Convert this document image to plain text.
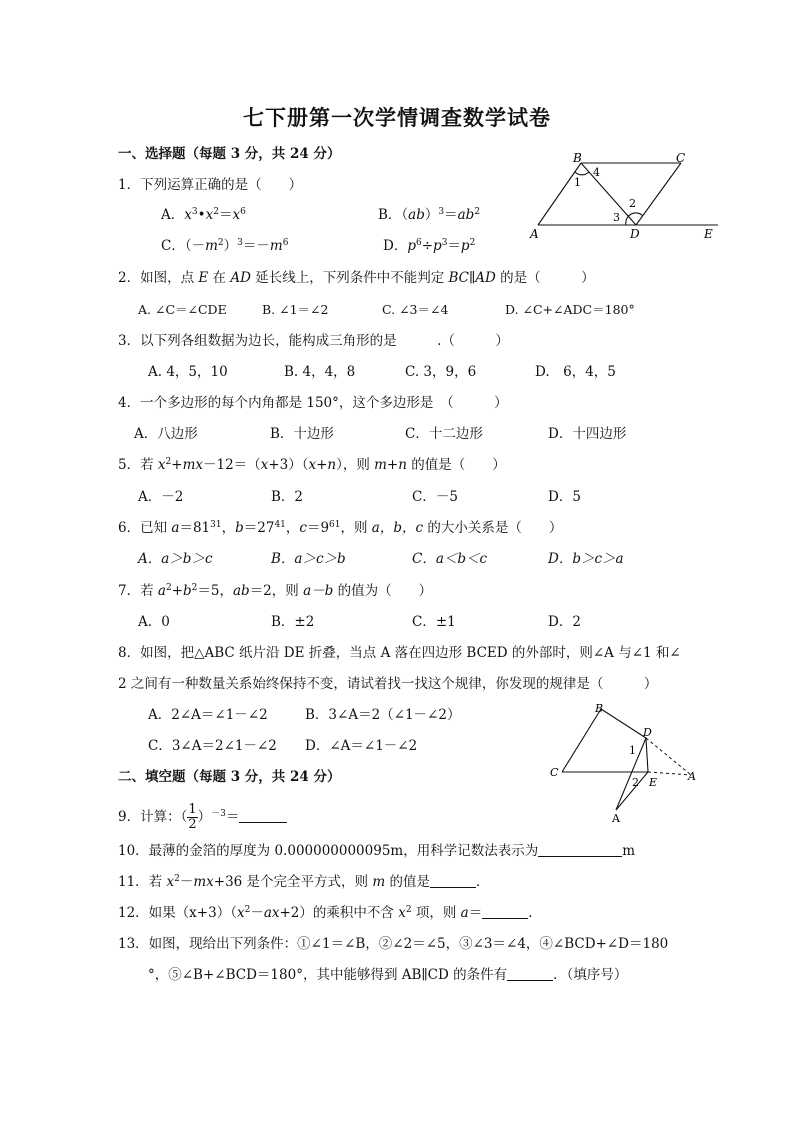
七下册第一次学情调查数学试卷
一、选择题（每题 3 分，共 24 分）
1．下列运算正确的是（　　）
A．$x^3•x^2=x^6$	B．$(ab)^3=ab^2$
C．$(-m^2)^3=-m^6$	D．$p^6\div p^3=p^2$
B	C
A	D	E
1
4
2
3
2．如图，点 E 在 AD 延长线上，下列条件中不能判定 BC∥AD 的是（　　　）
A. ∠C＝∠CDE	B. ∠1＝∠2	C. ∠3＝∠4	D. ∠C+∠ADC＝180°
3．以下列各组数据为边长，能构成三角形的是　　　.（　　　）
A. 4，5，10	B. 4，4，8	C. 3，9，6	D.　6，4，5
4．一个多边形的每个内角都是 150°，这个多边形是　（　　　）
A．八边形	B．十边形	C．十二边形	D．十四边形
5．若 $x^2+mx-12=(x+3)(x+n)$，则 m+n 的值是（　　）
A．－2	B．2	C．－5	D．5
6．已知 $a=81^{31}$，$b=27^{41}$，$c=9^{61}$，则 a，b，c 的大小关系是（　　）
A．a＞b＞c	B．a＞c＞b	C．a＜b＜c	D．b＞c＞a
7．若 $a^2+b^2=5$，ab＝2，则 a－b 的值为（　　）
A．0	B．±2	C．±1	D．2
8．如图，把△ABC 纸片沿 DE 折叠，当点 A 落在四边形 BCED 的外部时，则∠A 与∠1 和∠
2 之间有一种数量关系始终保持不变，请试着找一找这个规律，你发现的规律是（　　　）
A．2∠A＝∠1－∠2	B．3∠A＝2（∠1－∠2）
C．3∠A＝2∠1－∠2 D．∠A＝∠1－∠2
B
C
D
E	A
A
1
2
二、填空题（每题 3 分，共 24 分）
9．计算：（ $\frac{1}{2} )^{-3}=$
10．最薄的金箔的厚度为 0.000000000095m，用科学记数法表示为	m
11．若 $x^2-mx+36$ 是个完全平方式，则 m 的值是	．
12．如果$(x+3)(x^2-ax+2)$的乘积中不含 $x^2$ 项，则 a＝	．
13．如图，现给出下列条件：①∠1＝∠B，②∠2＝∠5，③∠3＝∠4，④∠BCD+∠D＝180
°，⑤∠B+∠BCD＝180°，其中能够得到 AB∥CD 的条件有	．（填序号）
